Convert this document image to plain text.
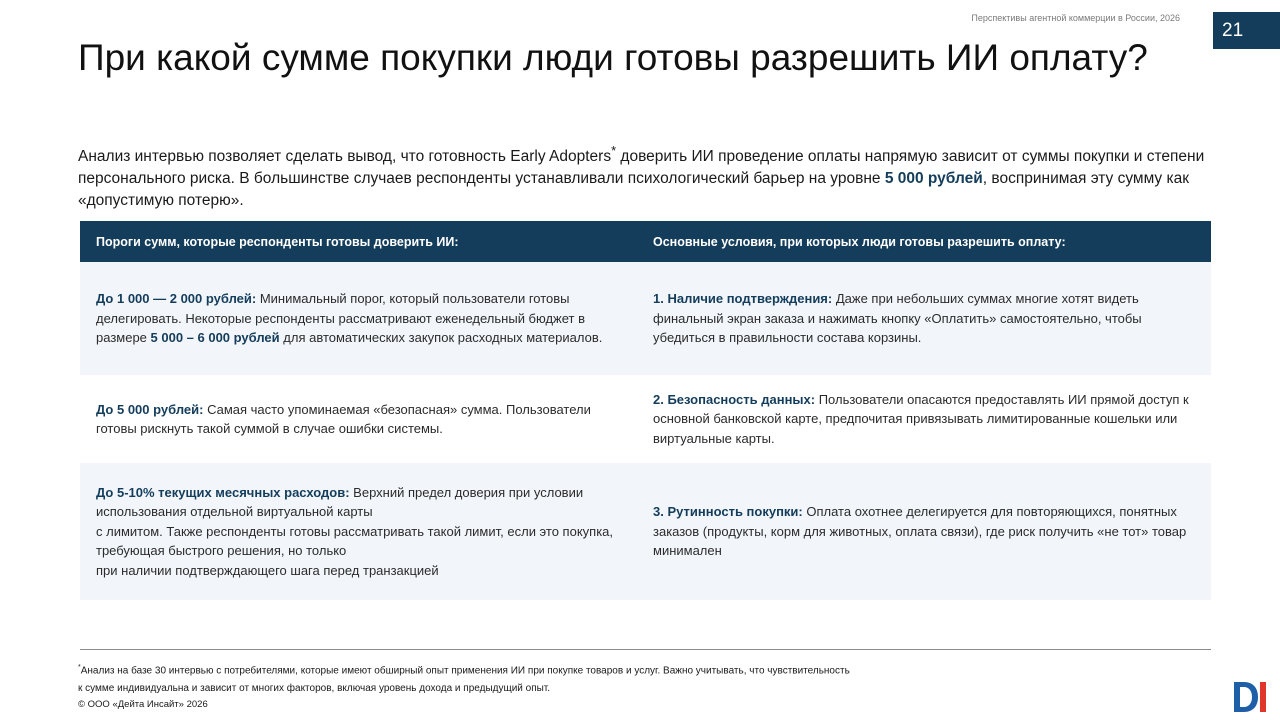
Перспективы агентной коммерции в России, 2026
21
При какой сумме покупки люди готовы разрешить ИИ оплату?

Анализ интервью позволяет сделать вывод, что готовность Early Adopters* доверить ИИ проведение оплаты напрямую зависит от суммы покупки и степени персонального риска. В большинстве случаев респонденты устанавливали психологический барьер на уровне 5 000 рублей, воспринимая эту сумму как «допустимую потерю».

Пороги сумм, которые респонденты готовы доверить ИИ:	Основные условия, при которых люди готовы разрешить оплату:
До 1 000 — 2 000 рублей: Минимальный порог, который пользователи готовы делегировать. Некоторые респонденты рассматривают еженедельный бюджет в размере 5 000 – 6 000 рублей для автоматических закупок расходных материалов.
1. Наличие подтверждения: Даже при небольших суммах многие хотят видеть финальный экран заказа и нажимать кнопку «Оплатить» самостоятельно, чтобы убедиться в правильности состава корзины.
До 5 000 рублей: Самая часто упоминаемая «безопасная» сумма. Пользователи готовы рискнуть такой суммой в случае ошибки системы.
2. Безопасность данных: Пользователи опасаются предоставлять ИИ прямой доступ к основной банковской карте, предпочитая привязывать лимитированные кошельки или виртуальные карты.
До 5-10% текущих месячных расходов: Верхний предел доверия при условии использования отдельной виртуальной карты
с лимитом. Также респонденты готовы рассматривать такой лимит, если это покупка, требующая быстрого решения, но только
при наличии подтверждающего шага перед транзакцией
3. Рутинность покупки: Оплата охотнее делегируется для повторяющихся, понятных заказов (продукты, корм для животных, оплата связи), где риск получить «не тот» товар минимален
*Анализ на базе 30 интервью с потребителями, которые имеют обширный опыт применения ИИ при покупке товаров и услуг. Важно учитывать, что чувствительность
к сумме индивидуальна и зависит от многих факторов, включая уровень дохода и предыдущий опыт.
© ООО «Дейта Инсайт» 2026
